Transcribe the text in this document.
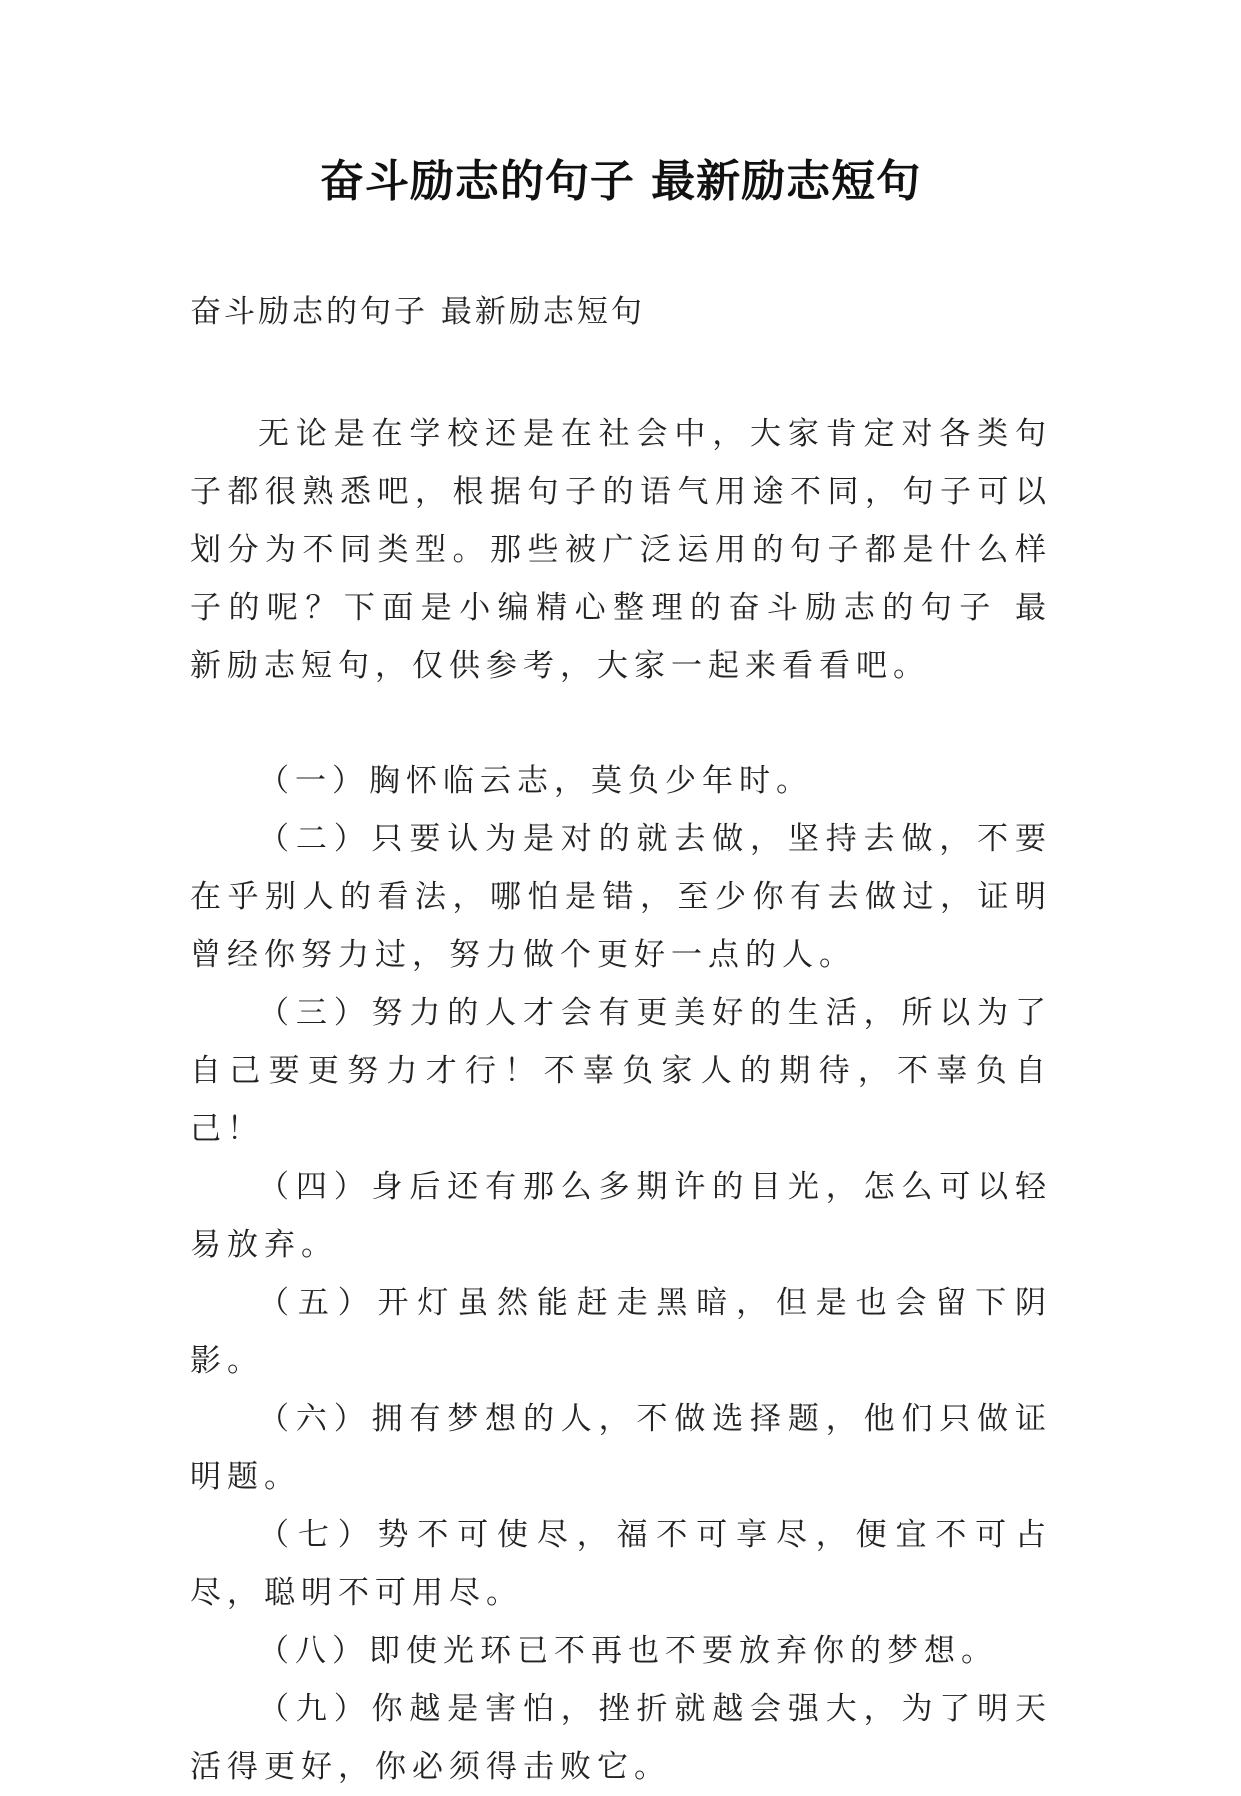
奋斗励志的句子 最新励志短句

奋斗励志的句子 最新励志短句

无论是在学校还是在社会中，大家肯定对各类句子都很熟悉吧，根据句子的语气用途不同，句子可以划分为不同类型。那些被广泛运用的句子都是什么样子的呢？下面是小编精心整理的奋斗励志的句子 最新励志短句，仅供参考，大家一起来看看吧。

（一）胸怀临云志，莫负少年时。

（二）只要认为是对的就去做，坚持去做，不要在乎别人的看法，哪怕是错，至少你有去做过，证明曾经你努力过，努力做个更好一点的人。

（三）努力的人才会有更美好的生活，所以为了自己要更努力才行！不辜负家人的期待，不辜负自己！

（四）身后还有那么多期许的目光，怎么可以轻易放弃。

（五）开灯虽然能赶走黑暗，但是也会留下阴影。

（六）拥有梦想的人，不做选择题，他们只做证明题。

（七）势不可使尽，福不可享尽，便宜不可占尽，聪明不可用尽。

（八）即使光环已不再也不要放弃你的梦想。

（九）你越是害怕，挫折就越会强大，为了明天活得更好，你必须得击败它。
